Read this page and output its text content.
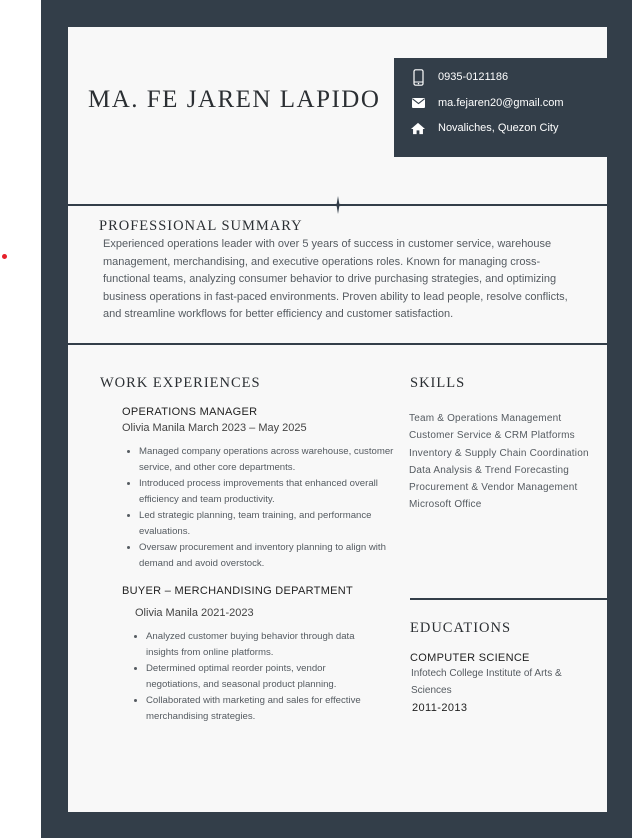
MA. FE JAREN LAPIDO
0935-0121186
ma.fejaren20@gmail.com
Novaliches, Quezon City
PROFESSIONAL SUMMARY
Experienced operations leader with over 5 years of success in customer service, warehouse management, merchandising, and executive operations roles. Known for managing cross-functional teams, analyzing consumer behavior to drive purchasing strategies, and optimizing business operations in fast-paced environments. Proven ability to lead people, resolve conflicts, and streamline workflows for better efficiency and customer satisfaction.
WORK EXPERIENCES
OPERATIONS MANAGER
Olivia Manila March 2023 – May 2025
• Managed company operations across warehouse, customer service, and other core departments.
• Introduced process improvements that enhanced overall efficiency and team productivity.
• Led strategic planning, team training, and performance evaluations.
• Oversaw procurement and inventory planning to align with demand and avoid overstock.
BUYER – MERCHANDISING DEPARTMENT
Olivia Manila 2021-2023
• Analyzed customer buying behavior through data insights from online platforms.
• Determined optimal reorder points, vendor negotiations, and seasonal product planning.
• Collaborated with marketing and sales for effective merchandising strategies.
SKILLS
Team & Operations Management
Customer Service & CRM Platforms
Inventory & Supply Chain Coordination
Data Analysis & Trend Forecasting
Procurement & Vendor Management
Microsoft Office
EDUCATIONS
COMPUTER SCIENCE
Infotech College Institute of Arts & Sciences
2011-2013
